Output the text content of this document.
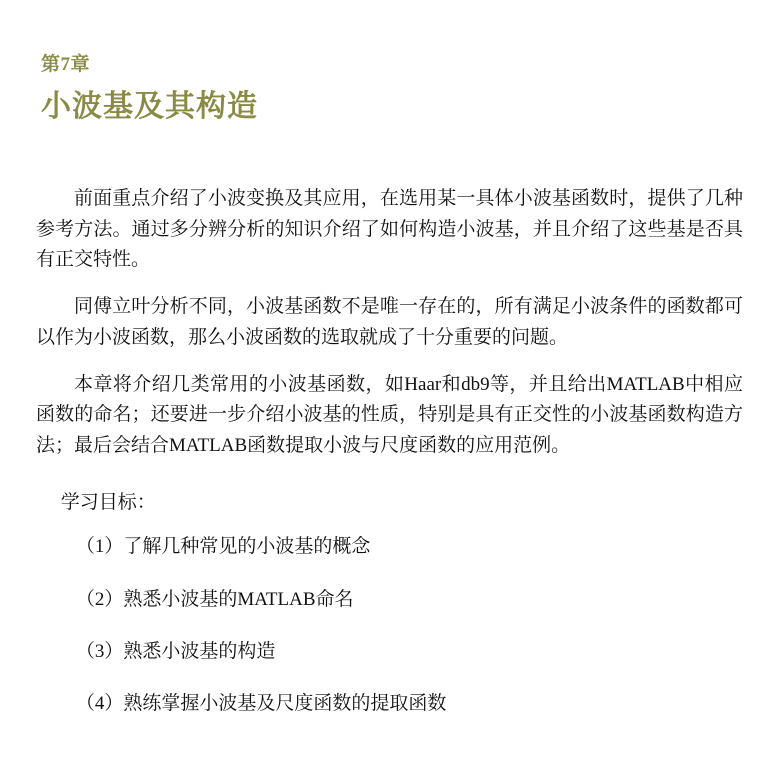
第7章
小波基及其构造

前面重点介绍了小波变换及其应用，在选用某一具体小波基函数时，提供了几种参考方法。通过多分辨分析的知识介绍了如何构造小波基，并且介绍了这些基是否具有正交特性。

同傅立叶分析不同，小波基函数不是唯一存在的，所有满足小波条件的函数都可以作为小波函数，那么小波函数的选取就成了十分重要的问题。

本章将介绍几类常用的小波基函数，如Haar和db9等，并且给出MATLAB中相应函数的命名；还要进一步介绍小波基的性质，特别是具有正交性的小波基函数构造方法；最后会结合MATLAB函数提取小波与尺度函数的应用范例。

学习目标：
（1）了解几种常见的小波基的概念
（2）熟悉小波基的MATLAB命名
（3）熟悉小波基的构造
（4）熟练掌握小波基及尺度函数的提取函数
